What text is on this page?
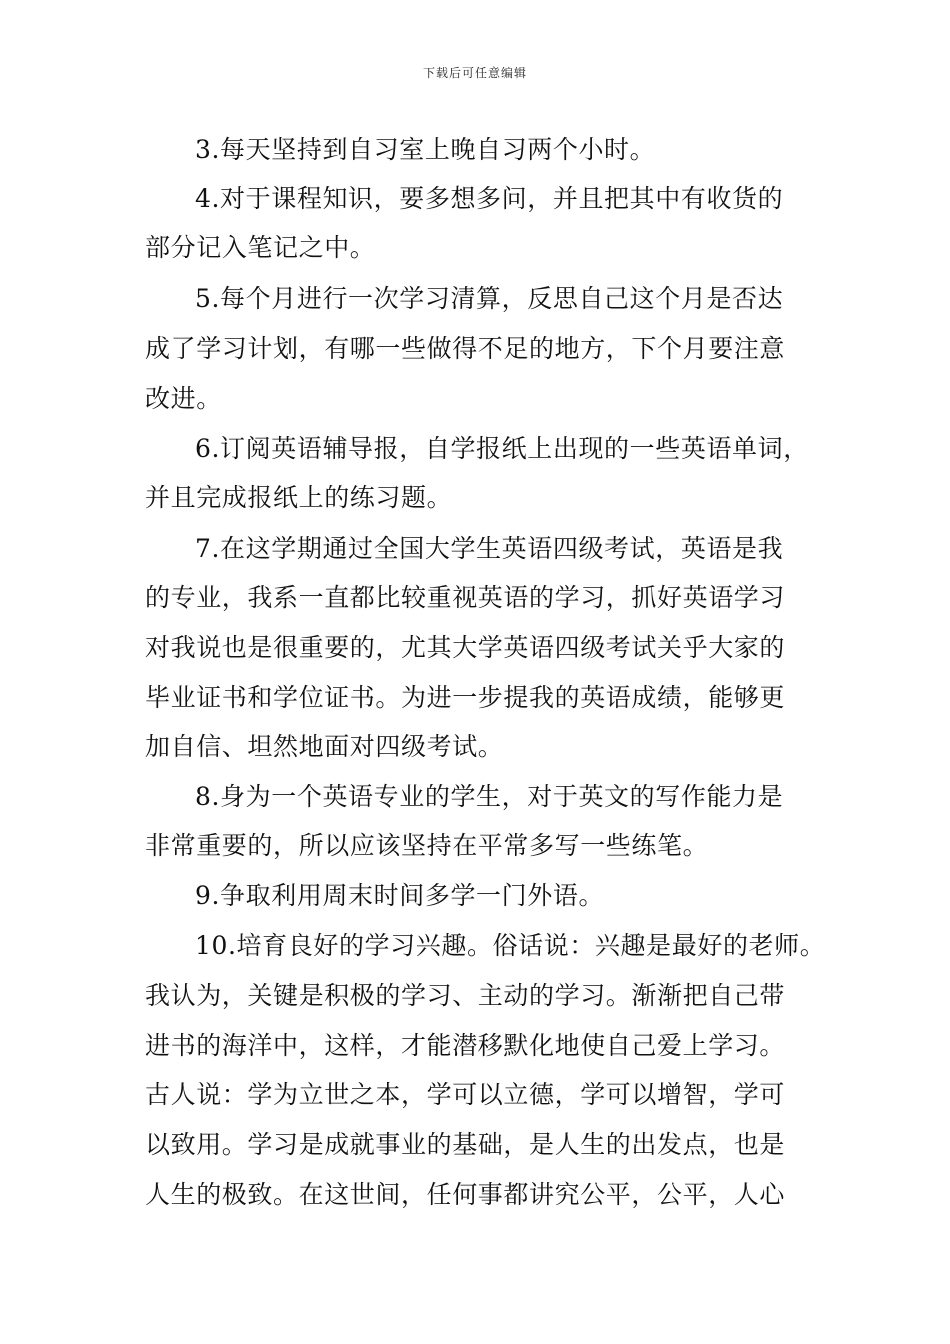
下载后可任意编辑
3.每天坚持到自习室上晚自习两个小时。
4.对于课程知识，要多想多问，并且把其中有收货的
部分记入笔记之中。
5.每个月进行一次学习清算，反思自己这个月是否达
成了学习计划，有哪一些做得不足的地方，下个月要注意
改进。
6.订阅英语辅导报，自学报纸上出现的一些英语单词，
并且完成报纸上的练习题。
7.在这学期通过全国大学生英语四级考试，英语是我
的专业，我系一直都比较重视英语的学习，抓好英语学习
对我说也是很重要的，尤其大学英语四级考试关乎大家的
毕业证书和学位证书。为进一步提我的英语成绩，能够更
加自信、坦然地面对四级考试。
8.身为一个英语专业的学生，对于英文的写作能力是
非常重要的，所以应该坚持在平常多写一些练笔。
9.争取利用周末时间多学一门外语。
10.培育良好的学习兴趣。俗话说：兴趣是最好的老师。
我认为，关键是积极的学习、主动的学习。渐渐把自己带
进书的海洋中，这样，才能潜移默化地使自己爱上学习。
古人说：学为立世之本，学可以立德，学可以增智，学可
以致用。学习是成就事业的基础，是人生的出发点，也是
人生的极致。在这世间，任何事都讲究公平，公平，人心
